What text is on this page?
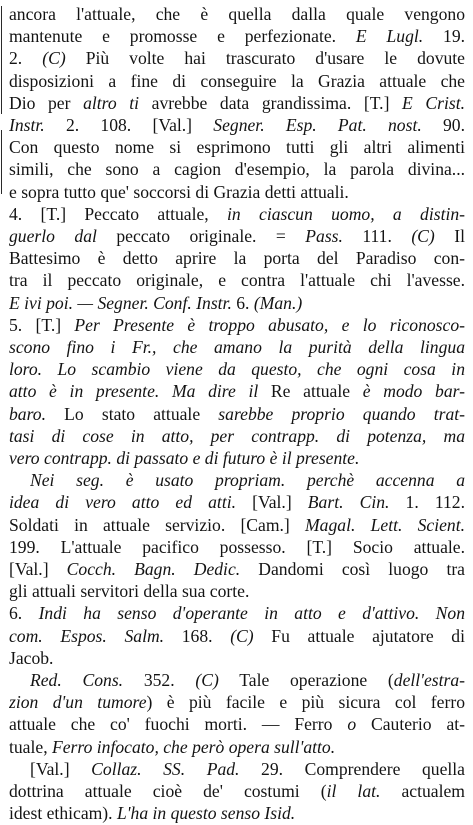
ancora l'attuale, che è quella dalla quale vengono
mantenute e promosse e perfezionate. E Lugl. 19.
2. (C) Più volte hai trascurato d'usare le dovute
disposizioni a fine di conseguire la Grazia attuale che
Dio per altro ti avrebbe data grandissima. [T.] E Crist.
Instr. 2. 108. [Val.] Segner. Esp. Pat. nost. 90.
Con questo nome si esprimono tutti gli altri alimenti
simili, che sono a cagion d'esempio, la parola divina...
e sopra tutto que' soccorsi di Grazia detti attuali.
4. [T.] Peccato attuale, in ciascun uomo, a distin-
guerlo dal peccato originale. = Pass. 111. (C) Il
Battesimo è detto aprire la porta del Paradiso con-
tra il peccato originale, e contra l'attuale chi l'avesse.
E ivi poi. — Segner. Conf. Instr. 6. (Man.)
5. [T.] Per Presente è troppo abusato, e lo riconosco-
scono fino i Fr., che amano la purità della lingua
loro. Lo scambio viene da questo, che ogni cosa in
atto è in presente. Ma dire il Re attuale è modo bar-
baro. Lo stato attuale sarebbe proprio quando trat-
tasi di cose in atto, per contrapp. di potenza, ma
vero contrapp. di passato e di futuro è il presente.
Nei seg. è usato propriam. perchè accenna a
idea di vero atto ed atti. [Val.] Bart. Cin. 1. 112.
Soldati in attuale servizio. [Cam.] Magal. Lett. Scient.
199. L'attuale pacifico possesso. [T.] Socio attuale.
[Val.] Cocch. Bagn. Dedic. Dandomi così luogo tra
gli attuali servitori della sua corte.
6. Indi ha senso d'operante in atto e d'attivo. Non
com. Espos. Salm. 168. (C) Fu attuale ajutatore di
Jacob.
Red. Cons. 352. (C) Tale operazione (dell'estra-
zion d'un tumore) è più facile e più sicura col ferro
attuale che co' fuochi morti. — Ferro o Cauterio at-
tuale, Ferro infocato, che però opera sull'atto.
[Val.] Collaz. SS. Pad. 29. Comprendere quella
dottrina attuale cioè de' costumi (il lat. actualem
idest ethicam). L'ha in questo senso Isid.
